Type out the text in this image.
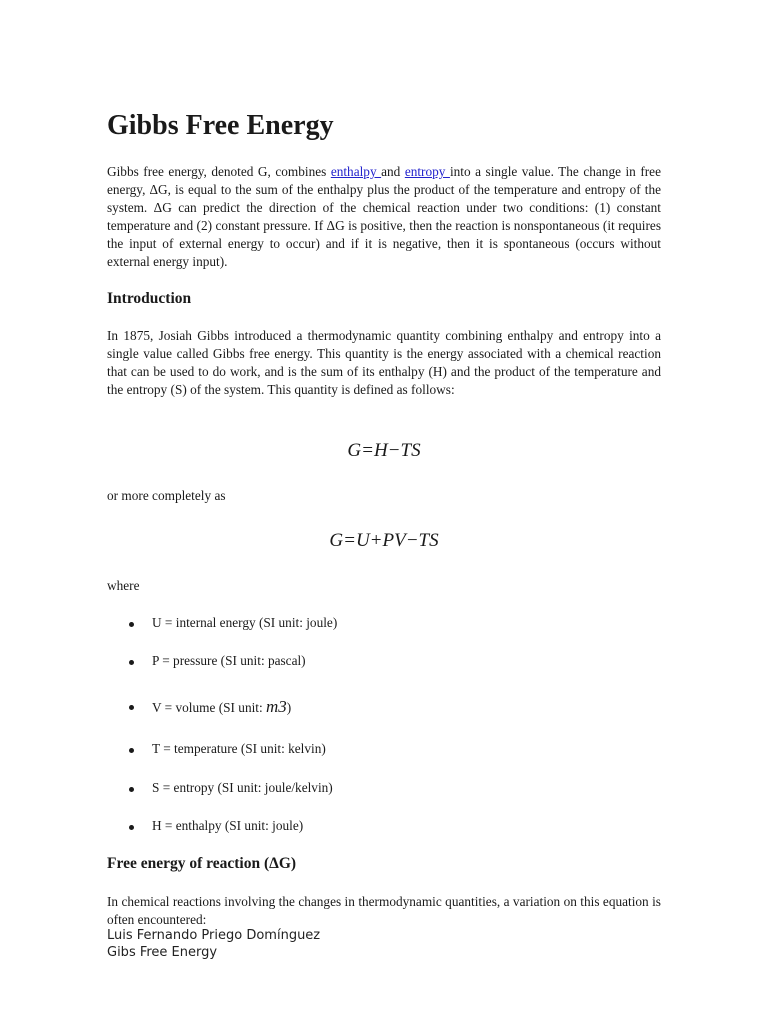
Gibbs Free Energy

Gibbs free energy, denoted G, combines enthalpy and entropy into a single value. The change in free energy, ΔG, is equal to the sum of the enthalpy plus the product of the temperature and entropy of the system. ΔG can predict the direction of the chemical reaction under two conditions: (1) constant temperature and (2) constant pressure. If ΔG is positive, then the reaction is nonspontaneous (it requires the input of external energy to occur) and if it is negative, then it is spontaneous (occurs without external energy input).

Introduction

In 1875, Josiah Gibbs introduced a thermodynamic quantity combining enthalpy and entropy into a single value called Gibbs free energy. This quantity is the energy associated with a chemical reaction that can be used to do work, and is the sum of its enthalpy (H) and the product of the temperature and the entropy (S) of the system. This quantity is defined as follows:

G=H−TS
or more completely as
G=U+PV−TS
where
U = internal energy (SI unit: joule)
P = pressure (SI unit: pascal)
V = volume (SI unit: m3)
T = temperature (SI unit: kelvin)
S = entropy (SI unit: joule/kelvin)
H = enthalpy (SI unit: joule)
Free energy of reaction (ΔG)

In chemical reactions involving the changes in thermodynamic quantities, a variation on this equation is often encountered:

Luis Fernando Priego Domínguez
Gibs Free Energy
